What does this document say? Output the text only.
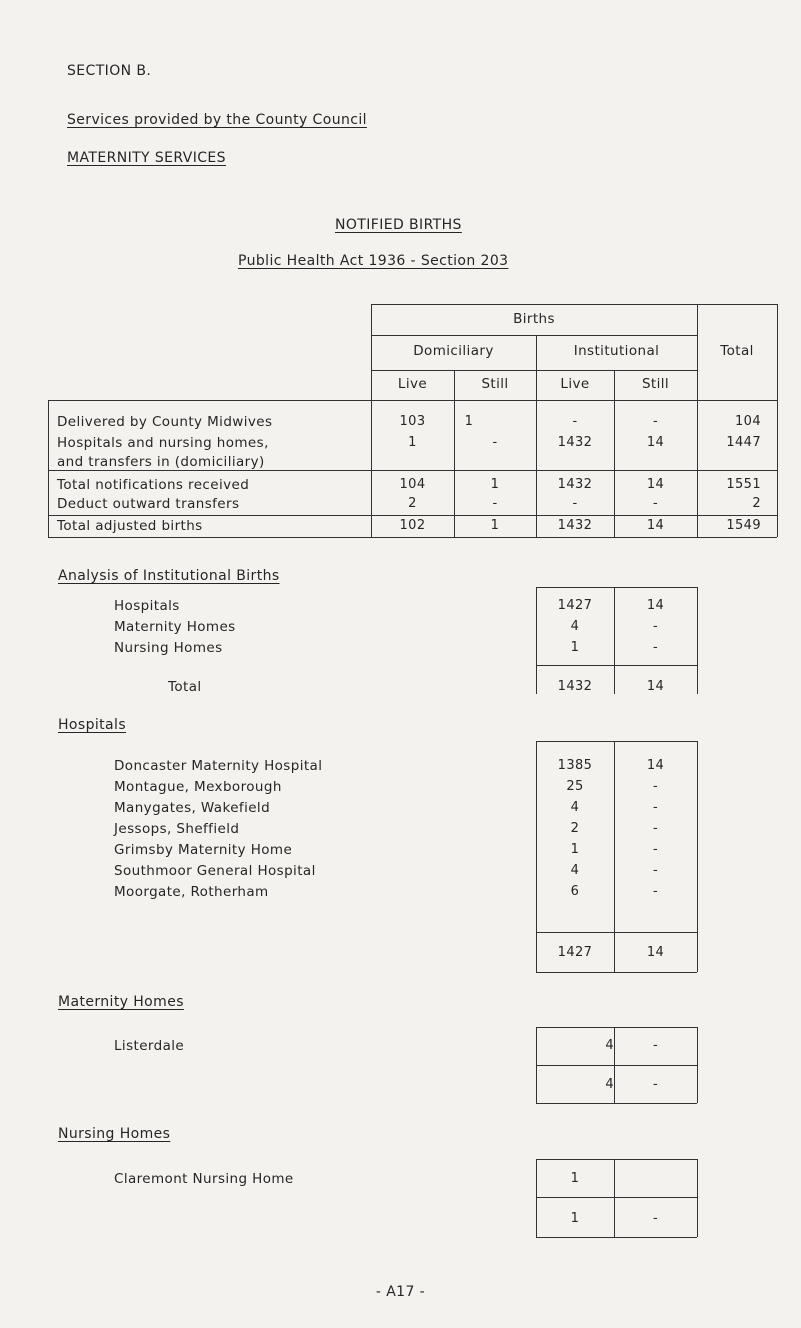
SECTION B.
Services provided by the County Council
MATERNITY SERVICES
NOTIFIED BIRTHS
Public Health Act 1936 - Section 203
Births
Domiciliary	Institutional	Total
Live	Still	Live	Still
Delivered by County Midwives	103	1	-	-	104
Hospitals and nursing homes,
and transfers in (domiciliary)
1	-	1432	14	1447
Total notifications received	104	1	1432	14	1551
Deduct outward transfers	2	-	-	-	2
Total adjusted births	102	1	1432	14	1549
Analysis of Institutional Births
Hospitals	1427	14
Maternity Homes	4	-
Nursing Homes	1	-
Total	1432	14
Hospitals
Doncaster Maternity Hospital	1385	14
Montague, Mexborough	25	-
Manygates, Wakefield	4	-
Jessops, Sheffield	2	-
Grimsby Maternity Home	1	-
Southmoor General Hospital	4	-
Moorgate, Rotherham	6	-
1427	14
Maternity Homes
Listerdale	4	-
4	-
Nursing Homes
Claremont Nursing Home	1
1	-
- A17 -
